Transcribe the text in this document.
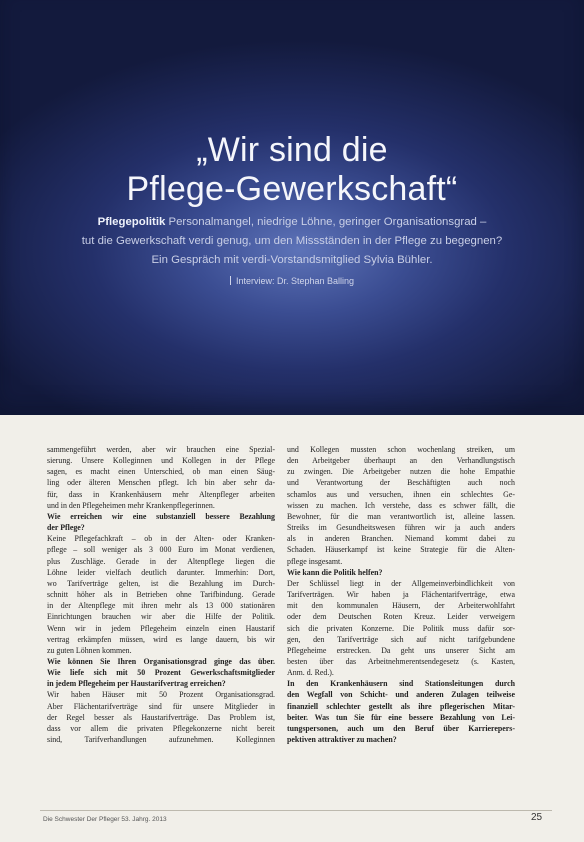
„Wir sind die
Pflege-Gewerkschaft“
Pflegepolitik Personalmangel, niedrige Löhne, geringer Organisationsgrad –
tut die Gewerkschaft verdi genug, um den Missständen in der Pflege zu begegnen?
Ein Gespräch mit verdi-Vorstandsmitglied Sylvia Bühler.
Interview: Dr. Stephan Balling

sammengeführt werden, aber wir brauchen eine Spezial-

sierung. Unsere Kolleginnen und Kollegen in der Pflege

sagen, es macht einen Unterschied, ob man einen Säug-

ling oder älteren Menschen pflegt. Ich bin aber sehr da-

für, dass in Krankenhäusern mehr Altenpfleger arbeiten

und in den Pflegeheimen mehr Krankenpflegerinnen.

Wie erreichen wir eine substanziell bessere Bezahlung

der Pflege?

Keine Pflegefachkraft – ob in der Alten- oder Kranken-

pflege – soll weniger als 3 000 Euro im Monat verdienen,

plus Zuschläge. Gerade in der Altenpflege liegen die

Löhne leider vielfach deutlich darunter. Immerhin: Dort,

wo Tarifverträge gelten, ist die Bezahlung im Durch-

schnitt höher als in Betrieben ohne Tarifbindung. Gerade

in der Altenpflege mit ihren mehr als 13 000 stationären

Einrichtungen brauchen wir aber die Hilfe der Politik.

Wenn wir in jedem Pflegeheim einzeln einen Haustarif

vertrag erkämpfen müssen, wird es lange dauern, bis wir

zu guten Löhnen kommen.

Wie können Sie Ihren Organisationsgrad ginge das über.

Wie liefe sich mit 50 Prozent Gewerkschaftsmitglieder

in jedem Pflegeheim per Haustarifvertrag erreichen?

Wir haben Häuser mit 50 Prozent Organisationsgrad.

Aber Flächentarifverträge sind für unsere Mitglieder in

der Regel besser als Haustarifverträge. Das Problem ist,

dass vor allem die privaten Pflegekonzerne nicht bereit

sind, Tarifverhandlungen aufzunehmen. Kolleginnen

und Kollegen mussten schon wochenlang streiken, um

den Arbeitgeber überhaupt an den Verhandlungstisch

zu zwingen. Die Arbeitgeber nutzen die hohe Empathie

und Verantwortung der Beschäftigten auch noch

schamlos aus und versuchen, ihnen ein schlechtes Ge-

wissen zu machen. Ich verstehe, dass es schwer fällt, die

Bewohner, für die man verantwortlich ist, alleine lassen.

Streiks im Gesundheitswesen führen wir ja auch anders

als in anderen Branchen. Niemand kommt dabei zu

Schaden. Häuserkampf ist keine Strategie für die Alten-

pflege insgesamt.

Wie kann die Politik helfen?

Der Schlüssel liegt in der Allgemeinverbindlichkeit von

Tarifverträgen. Wir haben ja Flächentarifverträge, etwa

mit den kommunalen Häusern, der Arbeiterwohlfahrt

oder dem Deutschen Roten Kreuz. Leider verweigern

sich die privaten Konzerne. Die Politik muss dafür sor-

gen, den Tarifverträge sich auf nicht tarifgebundene

Pflegeheime erstrecken. Da geht uns unserer Sicht am

besten über das Arbeitnehmerentsendegesetz (s. Kasten,

Anm. d. Red.).

In den Krankenhäusern sind Stationsleitungen durch

den Wegfall von Schicht- und anderen Zulagen teilweise

finanziell schlechter gestellt als ihre pflegerischen Mitar-

beiter. Was tun Sie für eine bessere Bezahlung von Lei-

tungspersonen, auch um den Beruf über Karrierepers-

pektiven attraktiver zu machen?

Die Schwester Der Pfleger 53. Jahrg. 2013	25
